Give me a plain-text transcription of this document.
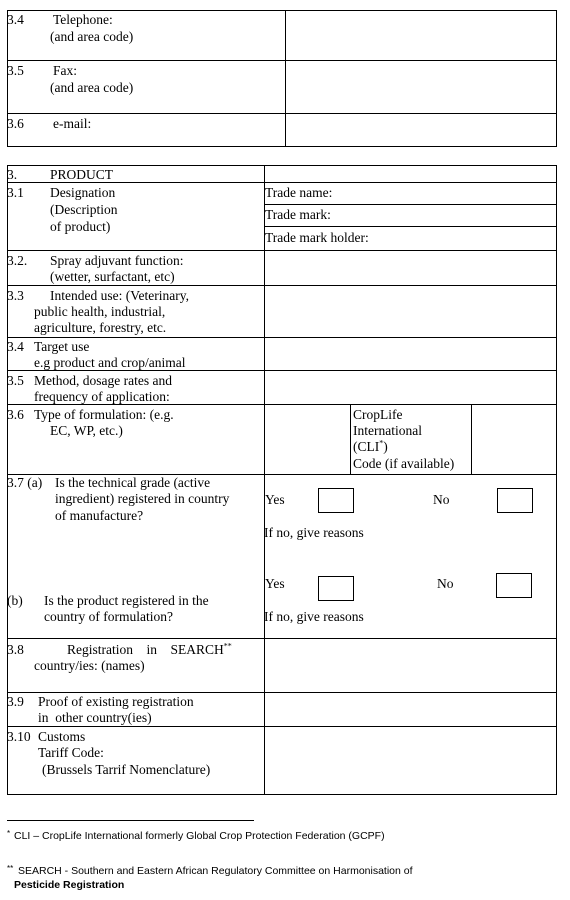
3.4 Telephone:
(and area code)
3.5 Fax:
(and area code)
3.6 e-mail:
3. PRODUCT
3.1 Designation
(Description
of product)
Trade name:
Trade mark:
Trade mark holder:
3.2. Spray adjuvant function:
(wetter, surfactant, etc)
3.3 Intended use: (Veterinary,
public health, industrial,
agriculture, forestry, etc.
3.4 Target use
e.g product and crop/animal
3.5 Method, dosage rates and
frequency of application:
3.6 Type of formulation: (e.g.
EC, WP, etc.)
CropLife
International
(CLI*)
Code (if available)
3.7 (a) Is the technical grade (active
ingredient) registered in country
of manufacture?
Yes	No
If no, give reasons
(b) Is the product registered in the
country of formulation?
Yes	No
If no, give reasons
3.8	Registration    in    SEARCH**
country/ies: (names)
3.9 Proof of existing registration
in  other country(ies)
3.10 Customs
Tariff Code:
(Brussels Tarrif Nomenclature)
* CLI – CropLife International formerly Global Crop Protection Federation (GCPF)
** SEARCH - Southern and Eastern African Regulatory Committee on Harmonisation of
Pesticide Registration
